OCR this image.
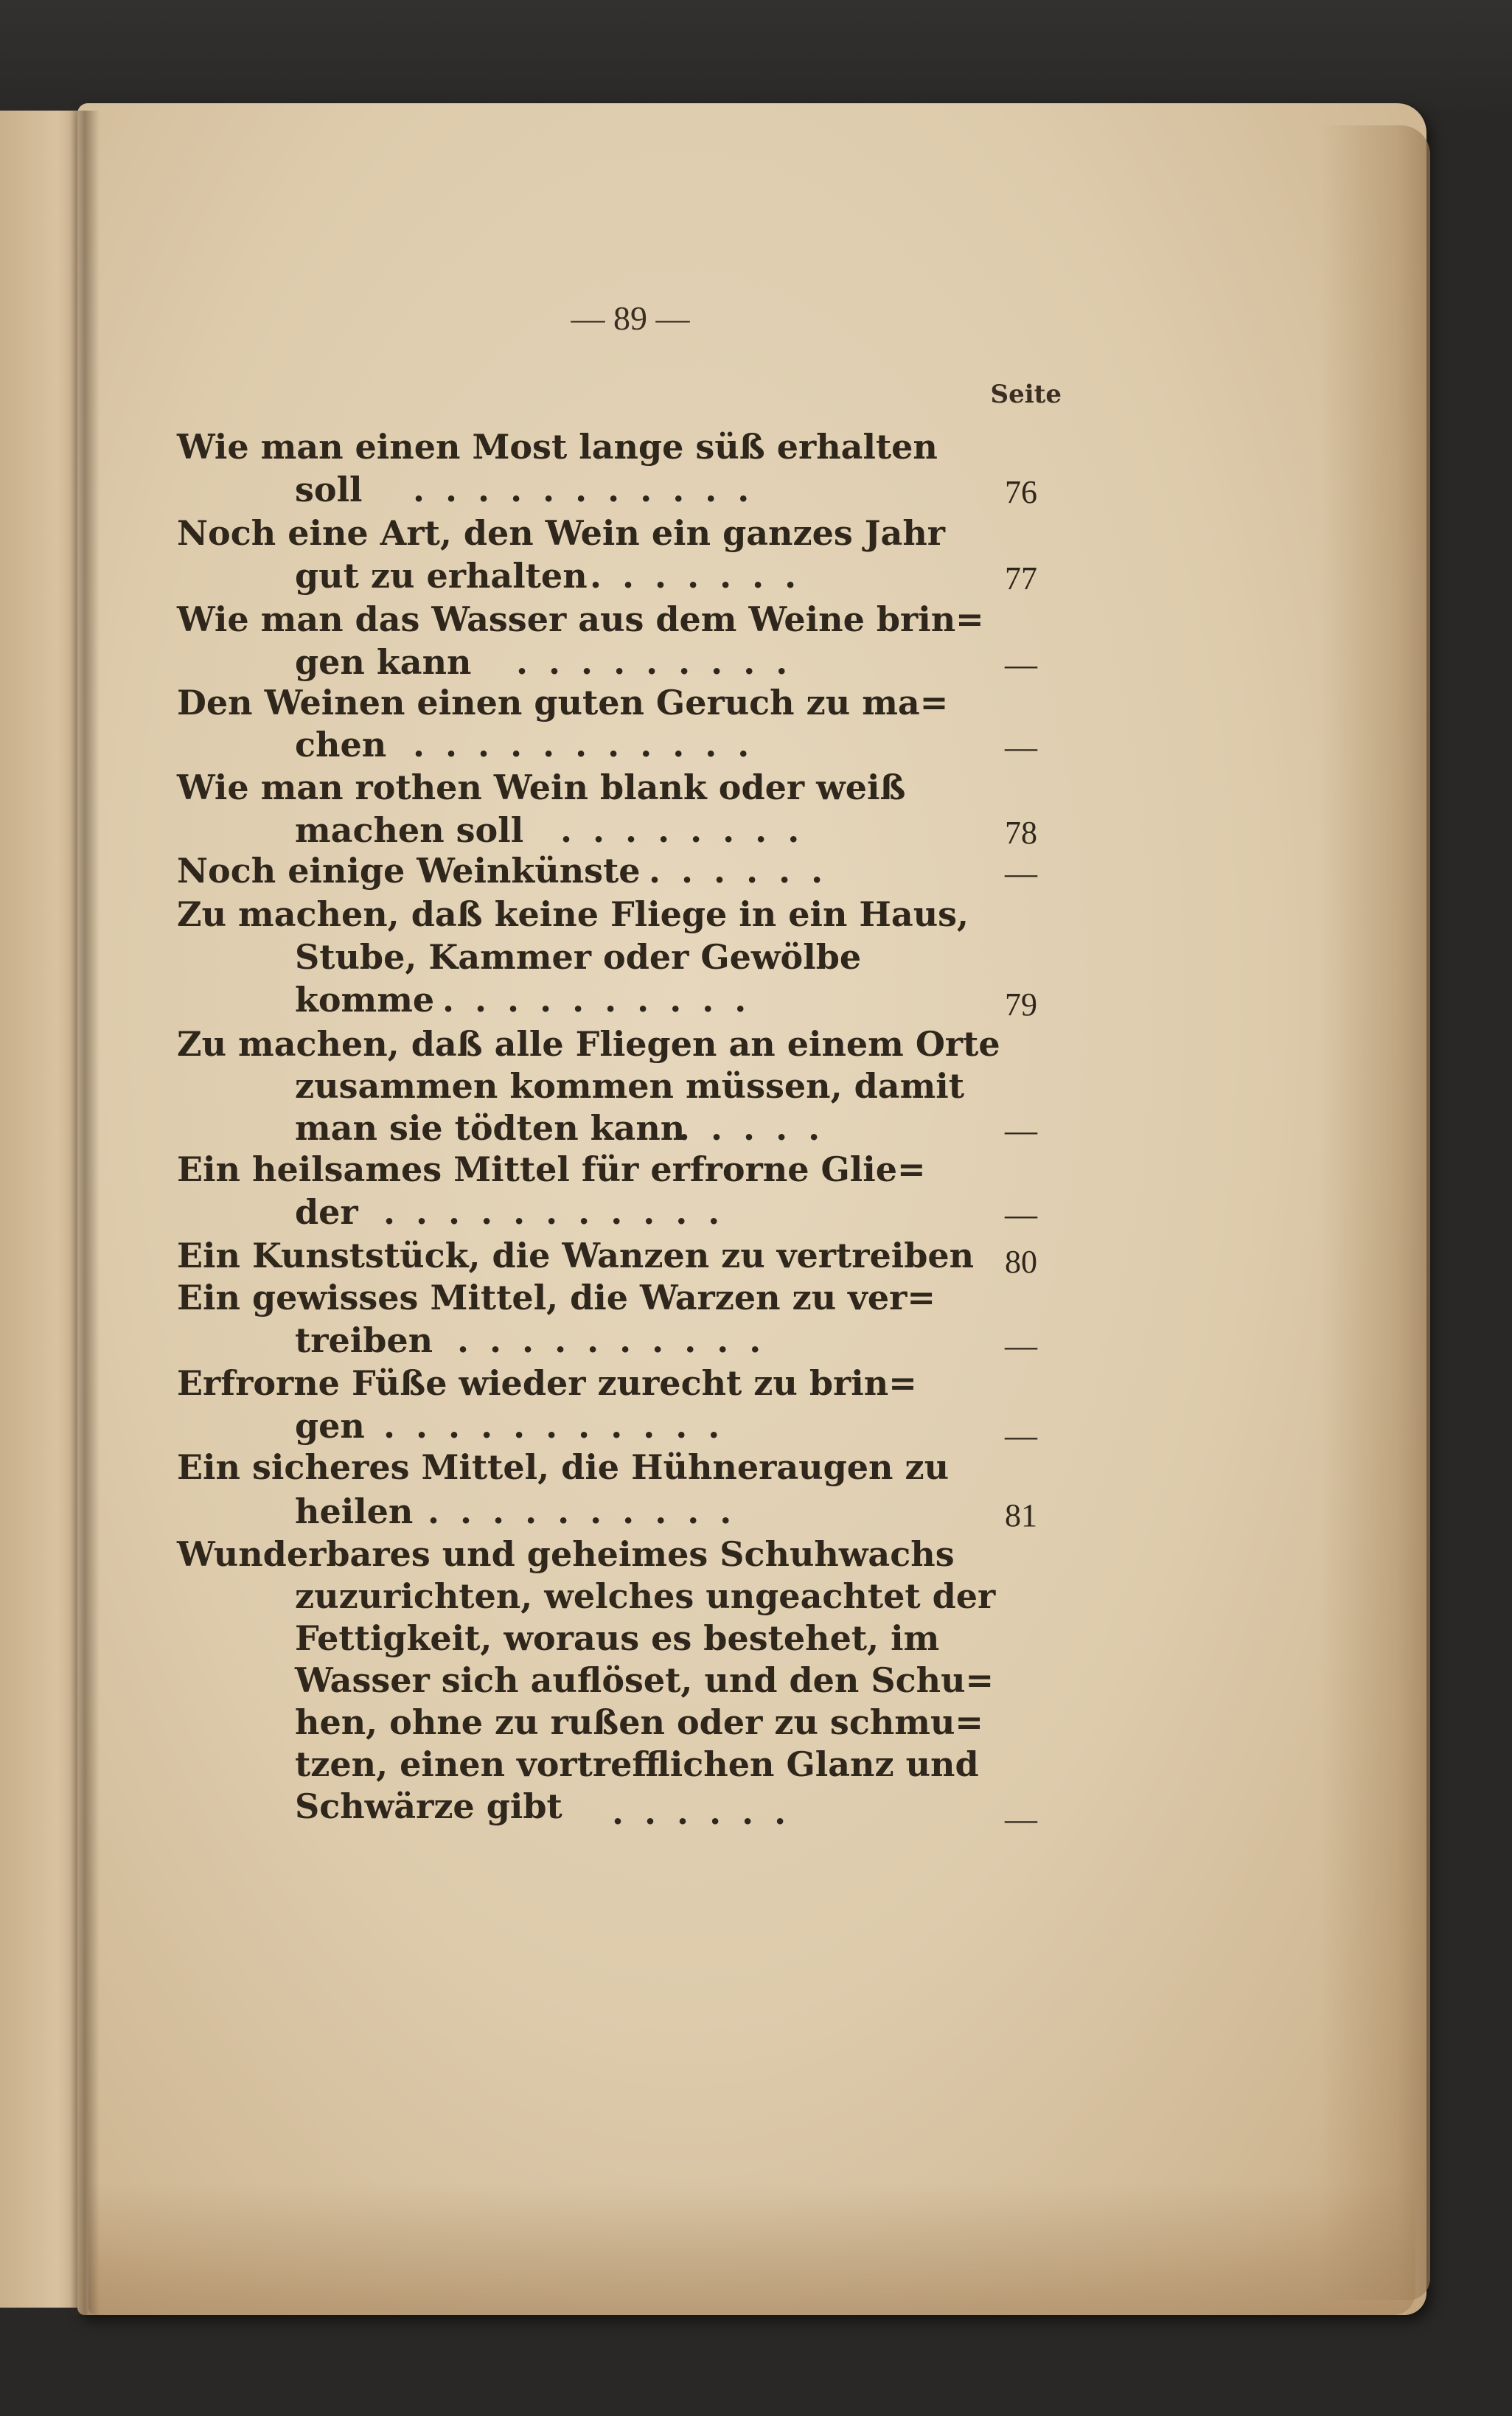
— 89 —
Seite
Wie man einen Most lange süß erhalten
soll	. . . . . . . . . . .	76
Noch eine Art, den Wein ein ganzes Jahr
gut zu erhalten . . . . . . .	77
Wie man das Wasser aus dem Weine brin=
gen kann	. . . . . . . . .	—
Den Weinen einen guten Geruch zu ma=
chen . . . . . . . . . . .	—
Wie man rothen Wein blank oder weiß
machen soll	. . . . . . . .	78
Noch einige Weinkünste . . . . . .	—
Zu machen, daß keine Fliege in ein Haus,
Stube, Kammer oder Gewölbe
komme . . . . . . . . . .	79
Zu machen, daß alle Fliegen an einem Orte
zusammen kommen müssen, damit
man sie tödten kann
. . . . .	—
Ein heilsames Mittel für erfrorne Glie=
der . . . . . . . . . . .	—
Ein Kunststück, die Wanzen zu vertreiben 80
Ein gewisses Mittel, die Warzen zu ver=
treiben . . . . . . . . . .	—
Erfrorne Füße wieder zurecht zu brin=
gen . . . . . . . . . . .	—
Ein sicheres Mittel, die Hühneraugen zu
heilen . . . . . . . . . .	81
Wunderbares und geheimes Schuhwachs
zuzurichten, welches ungeachtet der
Fettigkeit, woraus es bestehet, im
Wasser sich auflöset, und den Schu=
hen, ohne zu rußen oder zu schmu=
tzen, einen vortrefflichen Glanz und
Schwärze gibt	. . . . . .	—
